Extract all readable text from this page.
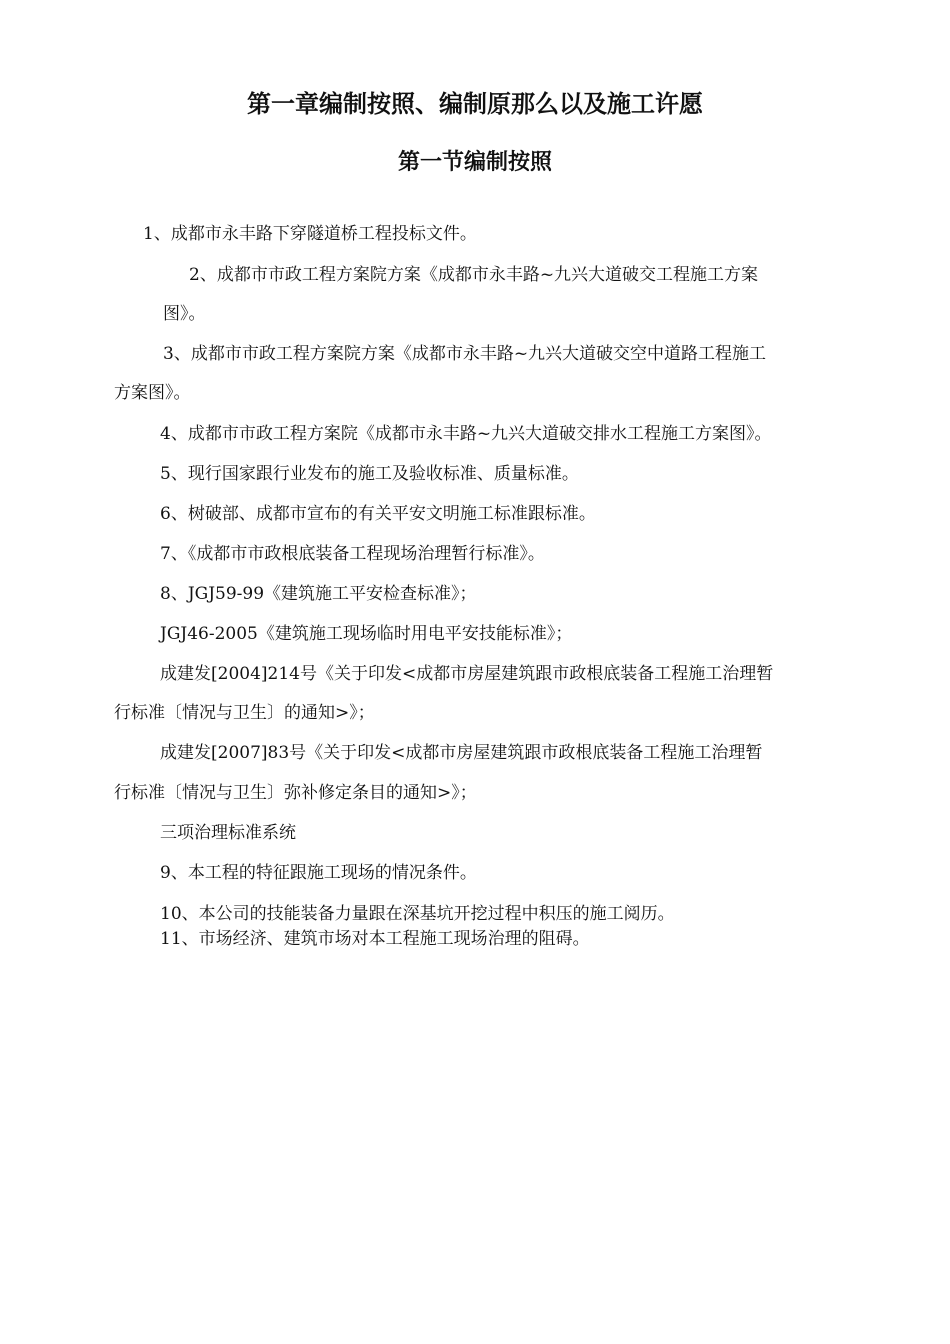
第一章编制按照、编制原那么以及施工许愿
第一节编制按照

1、成都市永丰路下穿隧道桥工程投标文件。

2、成都市市政工程方案院方案《成都市永丰路~九兴大道破交工程施工方案

图》。

3、成都市市政工程方案院方案《成都市永丰路~九兴大道破交空中道路工程施工

方案图》。

4、成都市市政工程方案院《成都市永丰路~九兴大道破交排水工程施工方案图》。

5、现行国家跟行业发布的施工及验收标准、质量标准。

6、树破部、成都市宣布的有关平安文明施工标准跟标准。

7、《成都市市政根底装备工程现场治理暂行标准》。

8、JGJ59-99《建筑施工平安检查标准》；

JGJ46-2005《建筑施工现场临时用电平安技能标准》；

成建发[2004]214号《关于印发<成都市房屋建筑跟市政根底装备工程施工治理暂

行标准〔情况与卫生〕的通知>》；

成建发[2007]83号《关于印发<成都市房屋建筑跟市政根底装备工程施工治理暂

行标准〔情况与卫生〕弥补修定条目的通知>》；

三项治理标准系统

9、本工程的特征跟施工现场的情况条件。

10、本公司的技能装备力量跟在深基坑开挖过程中积压的施工阅历。

11、市场经济、建筑市场对本工程施工现场治理的阻碍。
